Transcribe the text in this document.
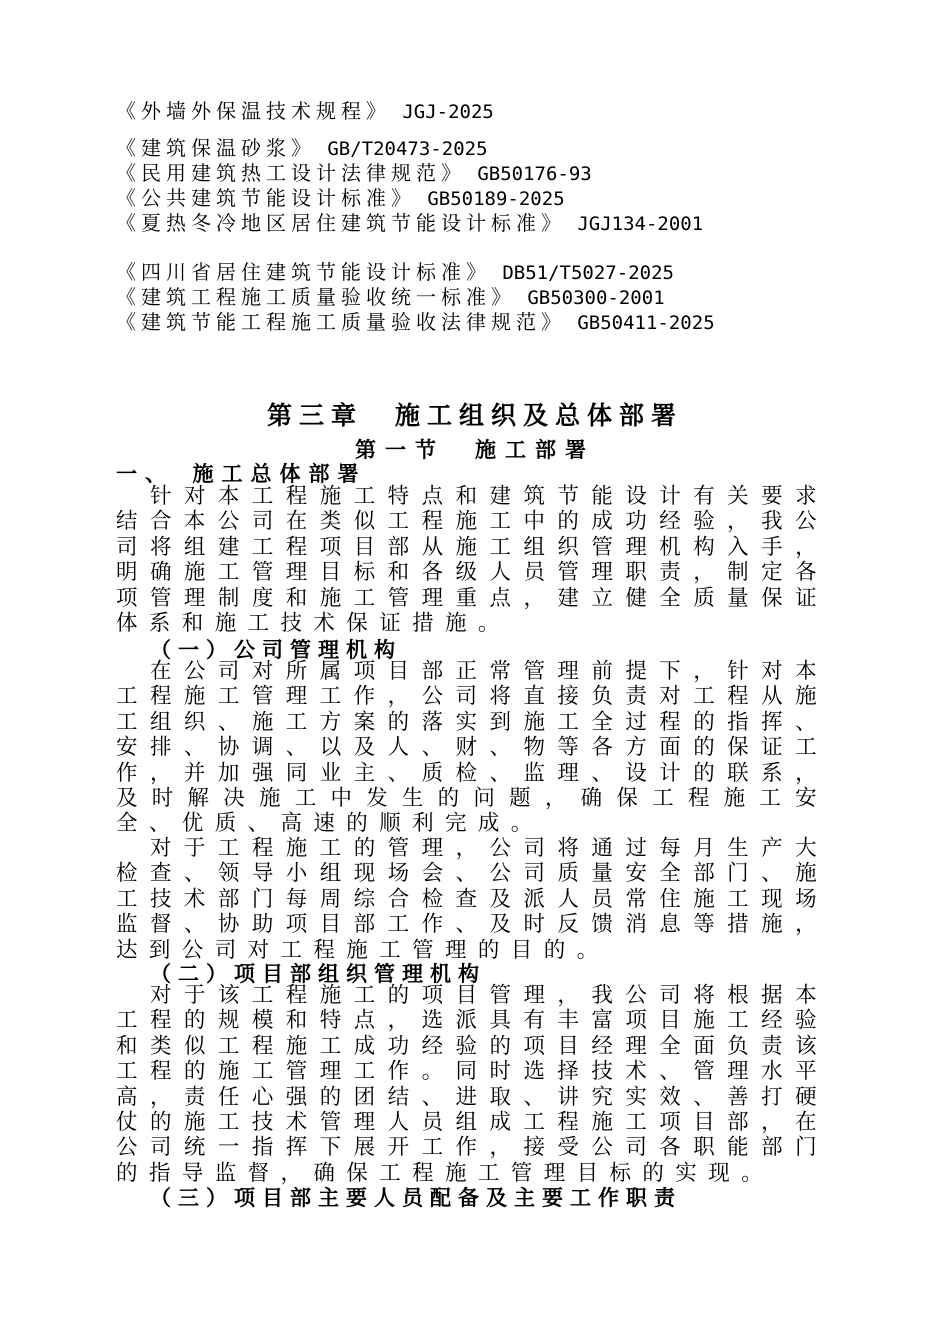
《外墙外保温技术规程》 JGJ-2025
《建筑保温砂浆》 GB/T20473-2025
《民用建筑热工设计法律规范》 GB50176-93
《公共建筑节能设计标准》 GB50189-2025
《夏热冬冷地区居住建筑节能设计标准》 JGJ134-2001
《四川省居住建筑节能设计标准》 DB51/T5027-2025
《建筑工程施工质量验收统一标准》 GB50300-2001
《建筑节能工程施工质量验收法律规范》 GB50411-2025
第三章　施工组织及总体部署
第一节　施工部署
一、　施工总体部署
针对本工程施工特点和建筑节能设计有关要求结合本公司在类似工程施工中的成功经验，我公司将组建工程项目部从施工组织管理机构入手，明确施工管理目标和各级人员管理职责，制定各项管理制度和施工管理重点，建立健全质量保证体系和施工技术保证措施。
（一）公司管理机构
在公司对所属项目部正常管理前提下，针对本工程施工管理工作，公司将直接负责对工程从施工组织、施工方案的落实到施工全过程的指挥、安排、协调、以及人、财、物等各方面的保证工作，并加强同业主、质检、监理、设计的联系，及时解决施工中发生的问题，确保工程施工安全、优质、高速的顺利完成。
对于工程施工的管理，公司将通过每月生产大检查、领导小组现场会、公司质量安全部门、施工技术部门每周综合检查及派人员常住施工现场监督、协助项目部工作、及时反馈消息等措施，达到公司对工程施工管理的目的。
（二）项目部组织管理机构
对于该工程施工的项目管理，我公司将根据本工程的规模和特点，选派具有丰富项目施工经验和类似工程施工成功经验的项目经理全面负责该工程的施工管理工作。同时选择技术、管理水平高，责任心强的团结、进取、讲究实效、善打硬仗的施工技术管理人员组成工程施工项目部，在公司统一指挥下展开工作，接受公司各职能部门的指导监督，确保工程施工管理目标的实现。
（三）项目部主要人员配备及主要工作职责
